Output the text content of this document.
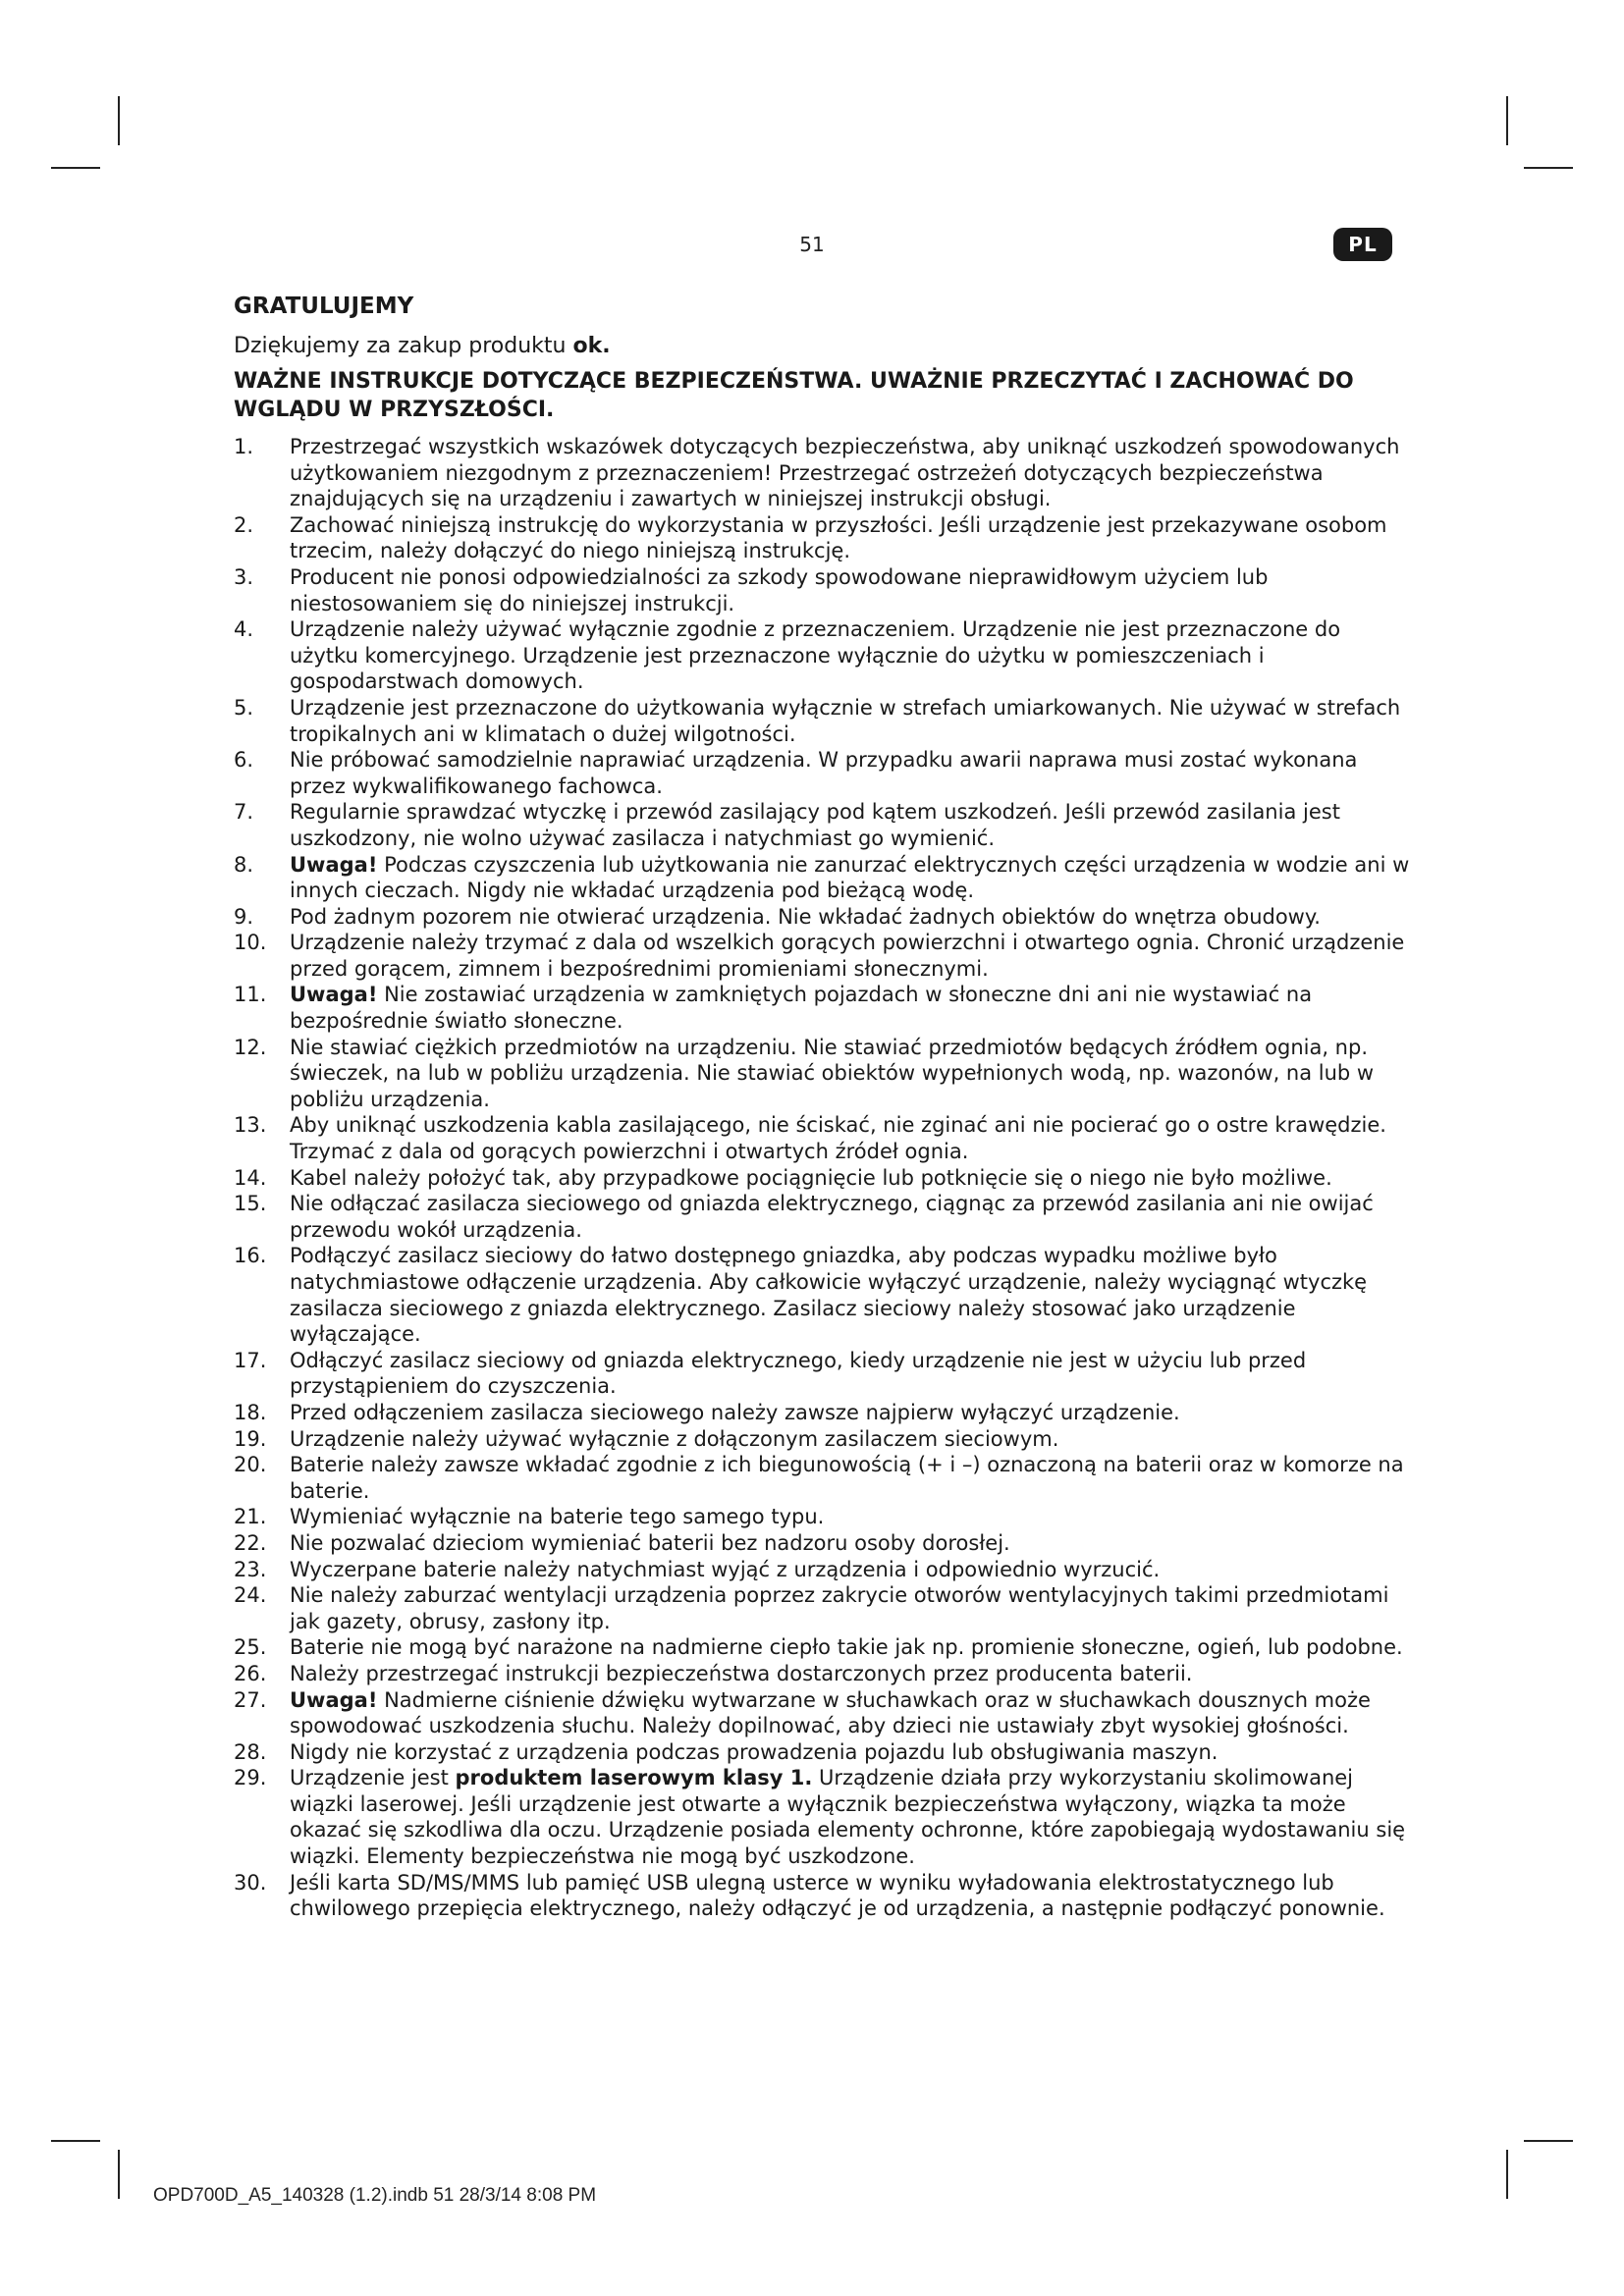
51	PL
GRATULUJEMY
Dziękujemy za zakup produktu ok.
WAŻNE INSTRUKCJE DOTYCZĄCE BEZPIECZEŃSTWA. UWAŻNIE PRZECZYTAĆ I ZACHOWAĆ DO WGLĄDU W PRZYSZŁOŚCI.
1.	Przestrzegać wszystkich wskazówek dotyczących bezpieczeństwa, aby uniknąć uszkodzeń spowodowanych użytkowaniem niezgodnym z przeznaczeniem! Przestrzegać ostrzeżeń dotyczących bezpieczeństwa znajdujących się na urządzeniu i zawartych w niniejszej instrukcji obsługi.
2.	Zachować niniejszą instrukcję do wykorzystania w przyszłości. Jeśli urządzenie jest przekazywane osobom trzecim, należy dołączyć do niego niniejszą instrukcję.
3.	Producent nie ponosi odpowiedzialności za szkody spowodowane nieprawidłowym użyciem lub niestosowaniem się do niniejszej instrukcji.
4.	Urządzenie należy używać wyłącznie zgodnie z przeznaczeniem. Urządzenie nie jest przeznaczone do użytku komercyjnego. Urządzenie jest przeznaczone wyłącznie do użytku w pomieszczeniach i gospodarstwach domowych.
5.	Urządzenie jest przeznaczone do użytkowania wyłącznie w strefach umiarkowanych. Nie używać w strefach tropikalnych ani w klimatach o dużej wilgotności.
6.	Nie próbować samodzielnie naprawiać urządzenia. W przypadku awarii naprawa musi zostać wykonana przez wykwalifikowanego fachowca.
7.	Regularnie sprawdzać wtyczkę i przewód zasilający pod kątem uszkodzeń. Jeśli przewód zasilania jest uszkodzony, nie wolno używać zasilacza i natychmiast go wymienić.
8.	Uwaga! Podczas czyszczenia lub użytkowania nie zanurzać elektrycznych części urządzenia w wodzie ani w innych cieczach. Nigdy nie wkładać urządzenia pod bieżącą wodę.
9.	Pod żadnym pozorem nie otwierać urządzenia. Nie wkładać żadnych obiektów do wnętrza obudowy.
10.	Urządzenie należy trzymać z dala od wszelkich gorących powierzchni i otwartego ognia. Chronić urządzenie przed gorącem, zimnem i bezpośrednimi promieniami słonecznymi.
11.	Uwaga! Nie zostawiać urządzenia w zamkniętych pojazdach w słoneczne dni ani nie wystawiać na bezpośrednie światło słoneczne.
12.	Nie stawiać ciężkich przedmiotów na urządzeniu. Nie stawiać przedmiotów będących źródłem ognia, np. świeczek, na lub w pobliżu urządzenia. Nie stawiać obiektów wypełnionych wodą, np. wazonów, na lub w pobliżu urządzenia.
13.	Aby uniknąć uszkodzenia kabla zasilającego, nie ściskać, nie zginać ani nie pocierać go o ostre krawędzie. Trzymać z dala od gorących powierzchni i otwartych źródeł ognia.
14.	Kabel należy położyć tak, aby przypadkowe pociągnięcie lub potknięcie się o niego nie było możliwe.
15.	Nie odłączać zasilacza sieciowego od gniazda elektrycznego, ciągnąc za przewód zasilania ani nie owijać przewodu wokół urządzenia.
16.	Podłączyć zasilacz sieciowy do łatwo dostępnego gniazdka, aby podczas wypadku możliwe było natychmiastowe odłączenie urządzenia. Aby całkowicie wyłączyć urządzenie, należy wyciągnąć wtyczkę zasilacza sieciowego z gniazda elektrycznego. Zasilacz sieciowy należy stosować jako urządzenie wyłączające.
17.	Odłączyć zasilacz sieciowy od gniazda elektrycznego, kiedy urządzenie nie jest w użyciu lub przed przystąpieniem do czyszczenia.
18.	Przed odłączeniem zasilacza sieciowego należy zawsze najpierw wyłączyć urządzenie.
19.	Urządzenie należy używać wyłącznie z dołączonym zasilaczem sieciowym.
20.	Baterie należy zawsze wkładać zgodnie z ich biegunowością (+ i –) oznaczoną na baterii oraz w komorze na baterie.
21.	Wymieniać wyłącznie na baterie tego samego typu.
22.	Nie pozwalać dzieciom wymieniać baterii bez nadzoru osoby dorosłej.
23.	Wyczerpane baterie należy natychmiast wyjąć z urządzenia i odpowiednio wyrzucić.
24.	Nie należy zaburzać wentylacji urządzenia poprzez zakrycie otworów wentylacyjnych takimi przedmiotami jak gazety, obrusy, zasłony itp.
25.	Baterie nie mogą być narażone na nadmierne ciepło takie jak np. promienie słoneczne, ogień, lub podobne.
26.	Należy przestrzegać instrukcji bezpieczeństwa dostarczonych przez producenta baterii.
27.	Uwaga! Nadmierne ciśnienie dźwięku wytwarzane w słuchawkach oraz w słuchawkach dousznych może spowodować uszkodzenia słuchu. Należy dopilnować, aby dzieci nie ustawiały zbyt wysokiej głośności.
28.	Nigdy nie korzystać z urządzenia podczas prowadzenia pojazdu lub obsługiwania maszyn.
29.	Urządzenie jest produktem laserowym klasy 1. Urządzenie działa przy wykorzystaniu skolimowanej wiązki laserowej. Jeśli urządzenie jest otwarte a wyłącznik bezpieczeństwa wyłączony, wiązka ta może okazać się szkodliwa dla oczu. Urządzenie posiada elementy ochronne, które zapobiegają wydostawaniu się wiązki. Elementy bezpieczeństwa nie mogą być uszkodzone.
30.	Jeśli karta SD/MS/MMS lub pamięć USB ulegną usterce w wyniku wyładowania elektrostatycznego lub chwilowego przepięcia elektrycznego, należy odłączyć je od urządzenia, a następnie podłączyć ponownie.
OPD700D_A5_140328 (1.2).indb 51 28/3/14 8:08 PM
